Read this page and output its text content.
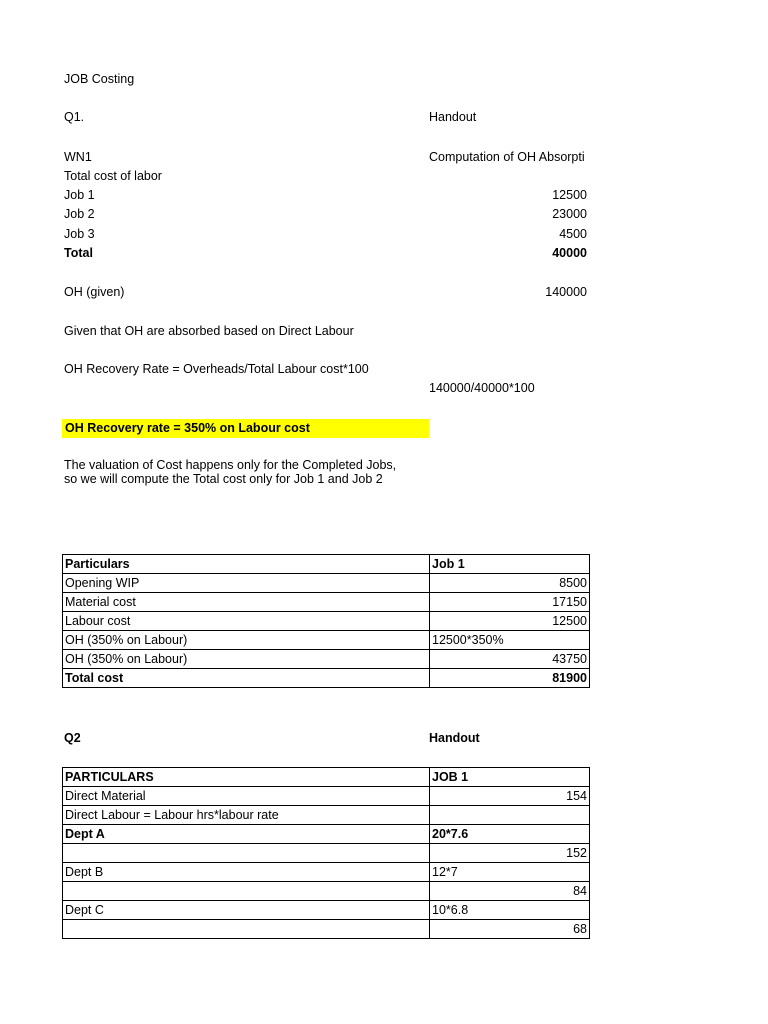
JOB Costing
Q1.	Handout
WN1	Computation of OH Absorpti
Total cost of labor
Job 1	12500
Job 2	23000
Job 3	4500
Total	40000
OH (given)	140000
Given that OH are absorbed based on Direct Labour
OH Recovery Rate = Overheads/Total Labour cost*100
140000/40000*100
OH Recovery rate = 350% on Labour cost
The valuation of Cost happens only for the Completed Jobs,
so we will compute the Total cost only for Job 1 and Job 2
Particulars	Job 1
Opening WIP	8500
Material cost	17150
Labour cost	12500
OH (350% on Labour)	12500*350%
OH (350% on Labour)	43750
Total cost	81900
Q2	Handout
PARTICULARS	JOB 1
Direct Material	154
Direct Labour = Labour hrs*labour rate	
Dept A	20*7.6
	152
Dept B	12*7
	84
Dept C	10*6.8
	68
